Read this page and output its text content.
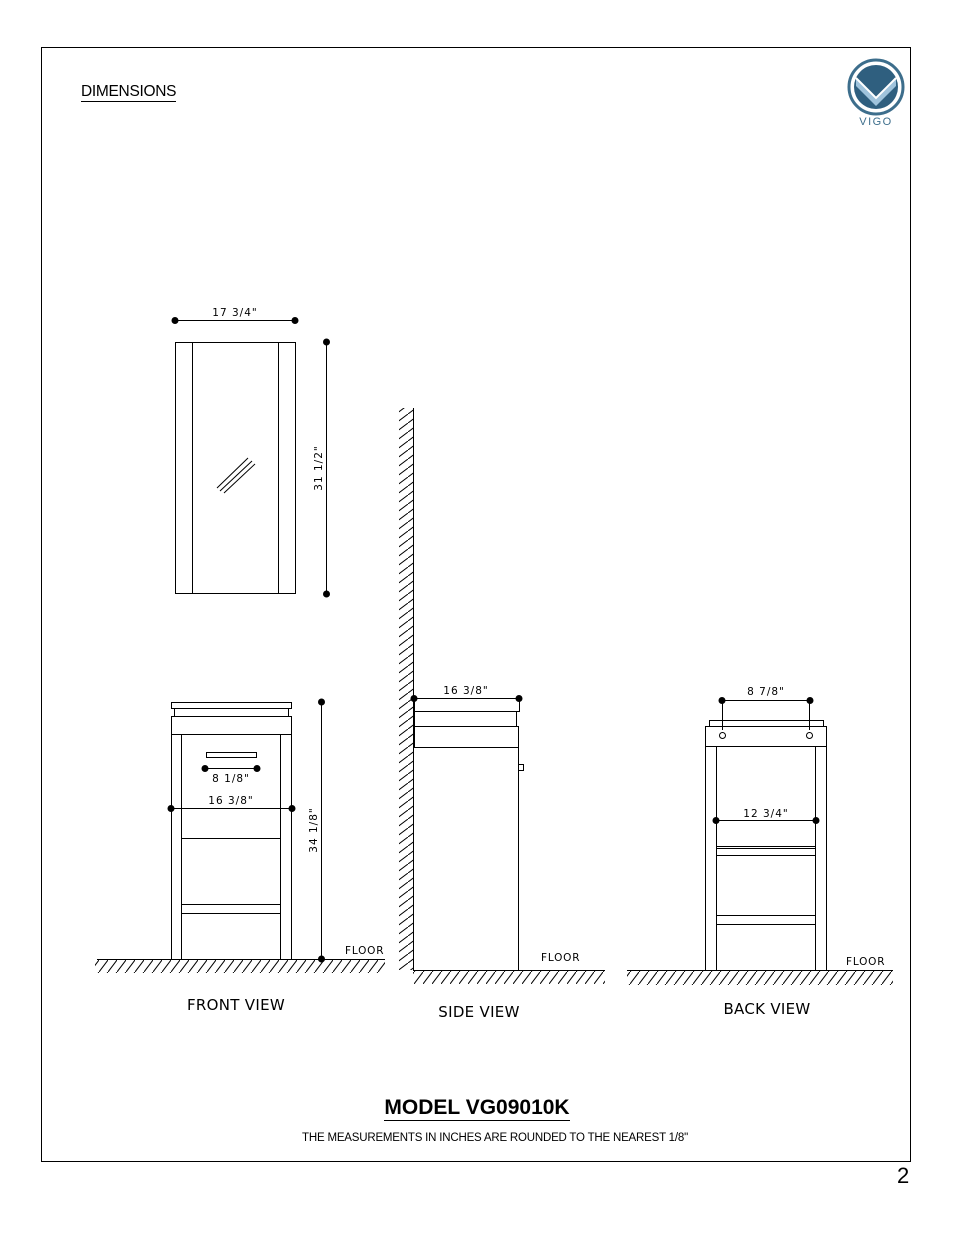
DIMENSIONS
VIGO
17 3/4"
31 1/2"
8 1/8"
16 3/8"
34 1/8"
FLOOR
FRONT VIEW
16 3/8"
FLOOR
SIDE VIEW
8 7/8"
12 3/4"
FLOOR
BACK VIEW
MODEL VG09010K
THE MEASUREMENTS IN INCHES ARE ROUNDED TO THE NEAREST 1/8"
2
